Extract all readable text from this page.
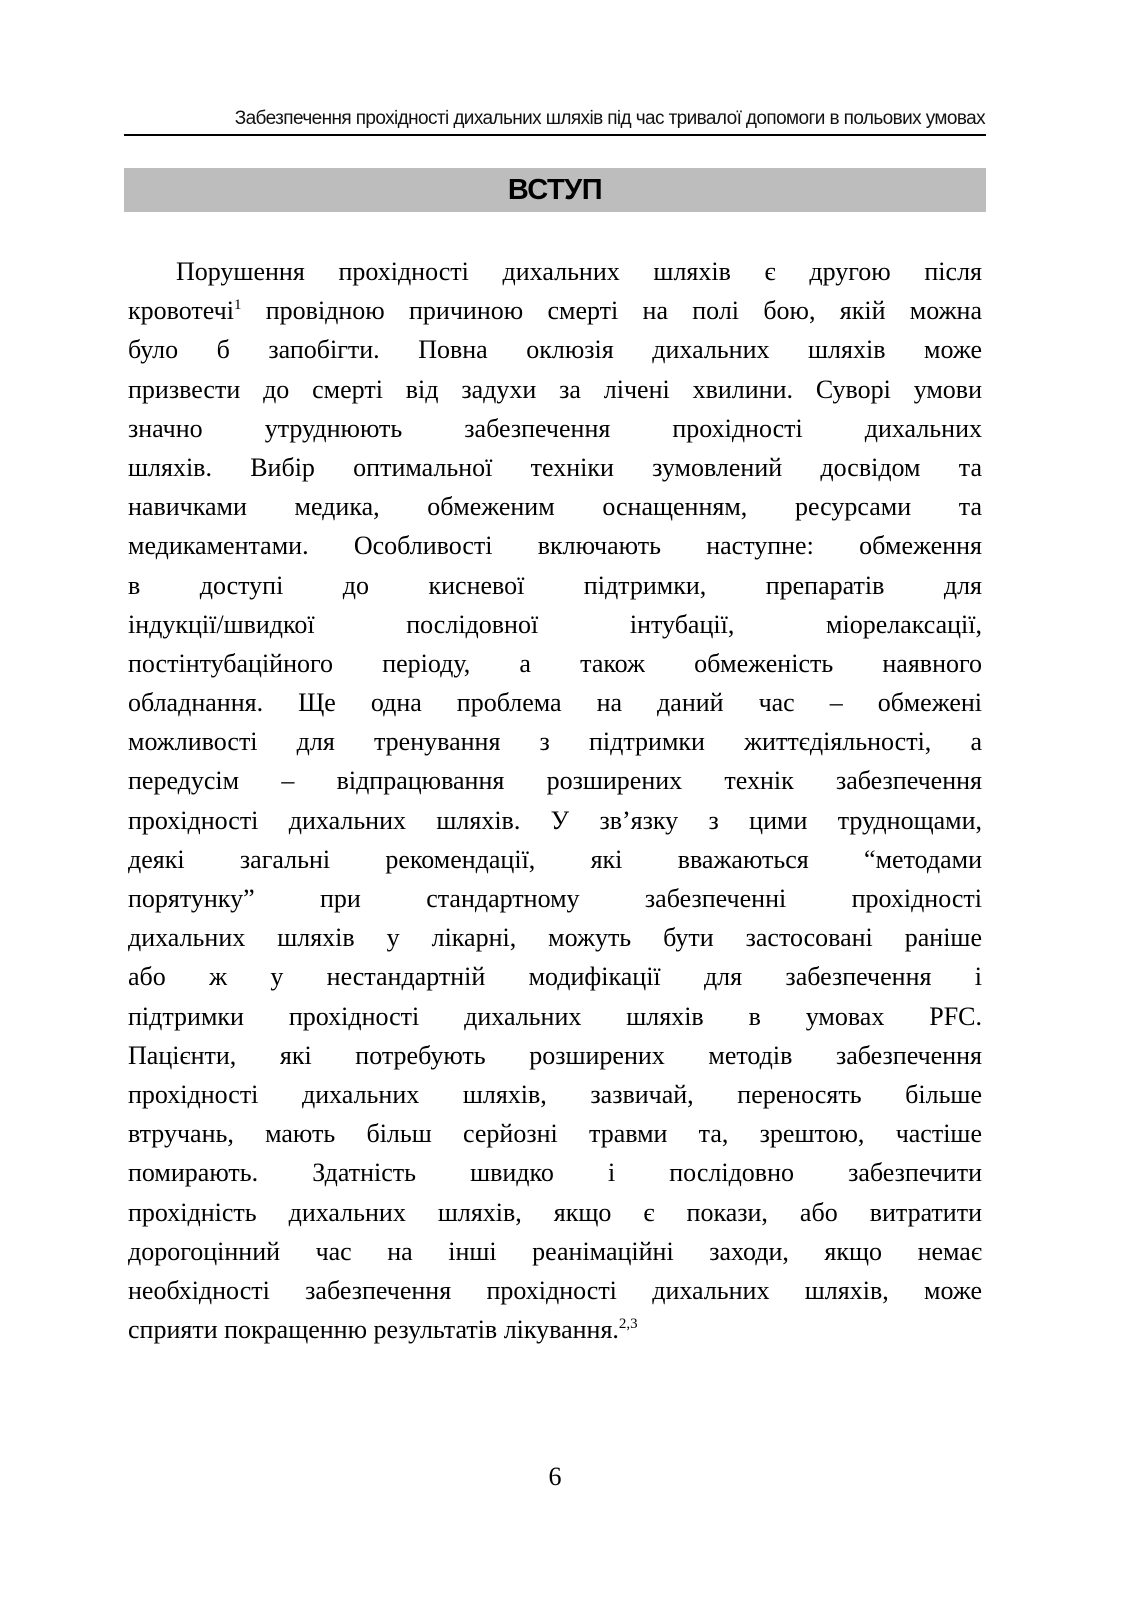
Забезпечення прохідності дихальних шляхів під час тривалої допомоги в польових умовах
ВСТУП
Порушення прохідності дихальних шляхів є другою після
кровотечі$^1$ провідною причиною смерті на полі бою, якій можна
було б запобігти. Повна оклюзія дихальних шляхів може
призвести до смерті від задухи за лічені хвилини. Суворі умови
значно утруднюють забезпечення прохідності дихальних
шляхів. Вибір оптимальної техніки зумовлений досвідом та
навичками медика, обмеженим оснащенням, ресурсами та
медикаментами. Особливості включають наступне: обмеження
в доступі до кисневої підтримки, препаратів для
індукції/швидкої послідовної інтубації, міорелаксації,
постінтубаційного періоду, а також обмеженість наявного
обладнання. Ще одна проблема на даний час – обмежені
можливості для тренування з підтримки життєдіяльності, а
передусім – відпрацювання розширених технік забезпечення
прохідності дихальних шляхів. У зв’язку з цими труднощами,
деякі загальні рекомендації, які вважаються “методами
порятунку” при стандартному забезпеченні прохідності
дихальних шляхів у лікарні, можуть бути застосовані раніше
або ж у нестандартній модифікації для забезпечення і
підтримки прохідності дихальних шляхів в умовах PFC.
Пацієнти, які потребують розширених методів забезпечення
прохідності дихальних шляхів, зазвичай, переносять більше
втручань, мають більш серйозні травми та, зрештою, частіше
помирають. Здатність швидко і послідовно забезпечити
прохідність дихальних шляхів, якщо є покази, або витратити
дорогоцінний час на інші реанімаційні заходи, якщо немає
необхідності забезпечення прохідності дихальних шляхів, може
сприяти покращенню результатів лікування.$^{2,3}$
6
